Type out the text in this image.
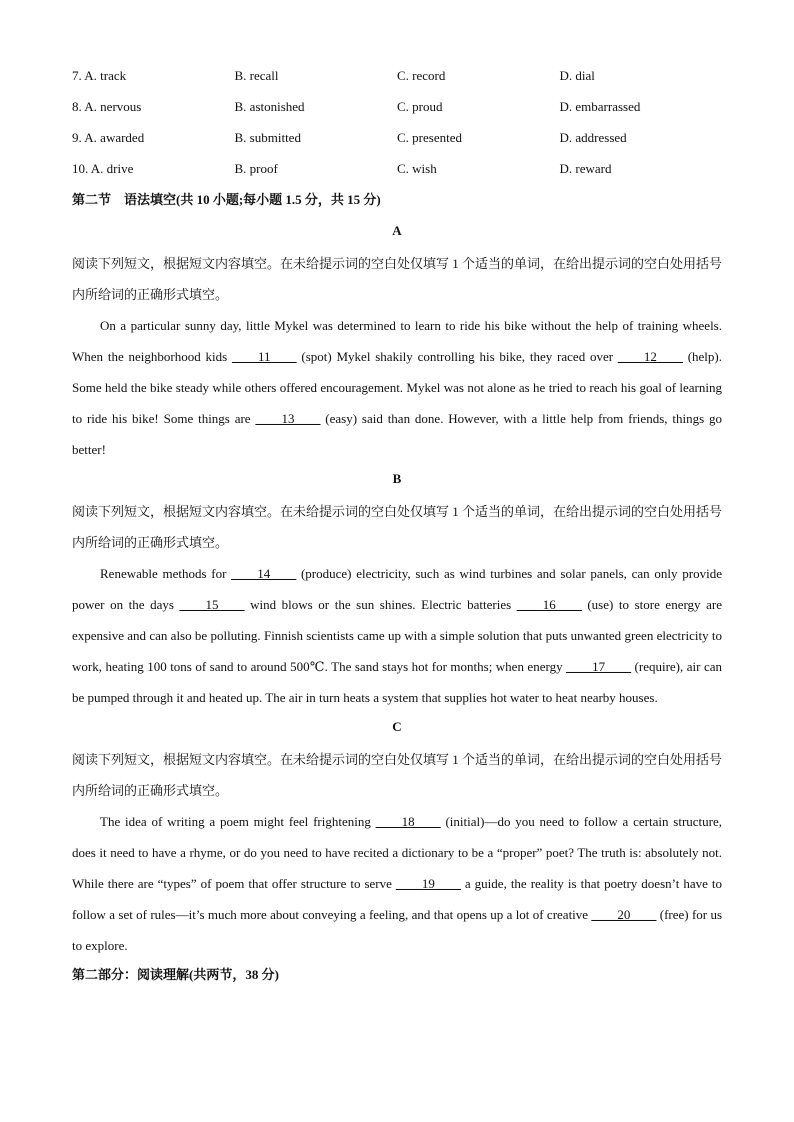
7. A. track	B. recall	C. record	D. dial
8. A. nervous	B. astonished	C. proud	D. embarrassed
9. A. awarded	B. submitted	C. presented	D. addressed
10. A. drive	B. proof	C. wish	D. reward
第二节　语法填空(共 10 小题;每小题 1.5 分，共 15 分)
A

阅读下列短文，根据短文内容填空。在未给提示词的空白处仅填写 1 个适当的单词，在给出提示词的空白处用括号内所给词的正确形式填空。

On a particular sunny day, little Mykel was determined to learn to ride his bike without the help of training wheels. When the neighborhood kids ____11____ (spot) Mykel shakily controlling his bike, they raced over ____12____ (help). Some held the bike steady while others offered encouragement. Mykel was not alone as he tried to reach his goal of learning to ride his bike! Some things are ____13____ (easy) said than done. However, with a little help from friends, things go better!

B

阅读下列短文，根据短文内容填空。在未给提示词的空白处仅填写 1 个适当的单词，在给出提示词的空白处用括号内所给词的正确形式填空。

Renewable methods for ____14____ (produce) electricity, such as wind turbines and solar panels, can only provide power on the days ____15____ wind blows or the sun shines. Electric batteries ____16____ (use) to store energy are expensive and can also be polluting. Finnish scientists came up with a simple solution that puts unwanted green electricity to work, heating 100 tons of sand to around 500℃. The sand stays hot for months; when energy ____17____ (require), air can be pumped through it and heated up. The air in turn heats a system that supplies hot water to heat nearby houses.

C

阅读下列短文，根据短文内容填空。在未给提示词的空白处仅填写 1 个适当的单词，在给出提示词的空白处用括号内所给词的正确形式填空。

The idea of writing a poem might feel frightening ____18____ (initial)—do you need to follow a certain structure, does it need to have a rhyme, or do you need to have recited a dictionary to be a “proper” poet? The truth is: absolutely not. While there are “types” of poem that offer structure to serve ____19____ a guide, the reality is that poetry doesn’t have to follow a set of rules—it’s much more about conveying a feeling, and that opens up a lot of creative ____20____ (free) for us to explore.

第二部分：阅读理解(共两节，38 分)
